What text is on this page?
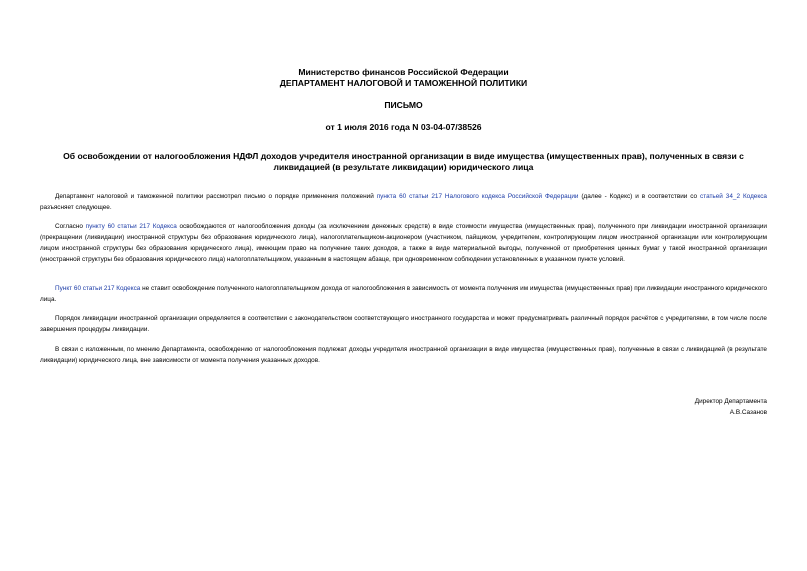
Министерство финансов Российской Федерации
ДЕПАРТАМЕНТ НАЛОГОВОЙ И ТАМОЖЕННОЙ ПОЛИТИКИ
ПИСЬМО
от 1 июля 2016 года N 03-04-07/38526
Об освобождении от налогообложения НДФЛ доходов учредителя иностранной организации в виде имущества (имущественных прав), полученных в связи с ликвидацией (в результате ликвидации) юридического лица

Департамент налоговой и таможенной политики рассмотрел письмо о порядке применения положений пункта 60 статьи 217 Налогового кодекса Российской Федерации (далее - Кодекс) и в соответствии со статьей 34_2 Кодекса разъясняет следующее.

Согласно пункту 60 статьи 217 Кодекса освобождаются от налогообложения доходы (за исключением денежных средств) в виде стоимости имущества (имущественных прав), полученного при ликвидации иностранной организации (прекращении (ликвидации) иностранной структуры без образования юридического лица), налогоплательщиком-акционером (участником, пайщиком, учредителем, контролирующим лицом иностранной организации или контролирующим лицом иностранной структуры без образования юридического лица), имеющим право на получение таких доходов, а также в виде материальной выгоды, полученной от приобретения ценных бумаг у такой иностранной организации (иностранной структуры без образования юридического лица) налогоплательщиком, указанным в настоящем абзаце, при одновременном соблюдении установленных в указанном пункте условий.

Пункт 60 статьи 217 Кодекса не ставит освобождение полученного налогоплательщиком дохода от налогообложения в зависимость от момента получения им имущества (имущественных прав) при ликвидации иностранного юридического лица.

Порядок ликвидации иностранной организации определяется в соответствии с законодательством соответствующего иностранного государства и может предусматривать различный порядок расчётов с учредителями, в том числе после завершения процедуры ликвидации.

В связи с изложенным, по мнению Департамента, освобождению от налогообложения подлежат доходы учредителя иностранной организации в виде имущества (имущественных прав), полученные в связи с ликвидацией (в результате ликвидации) юридического лица, вне зависимости от момента получения указанных доходов.

Директор Департамента
А.В.Сазанов
